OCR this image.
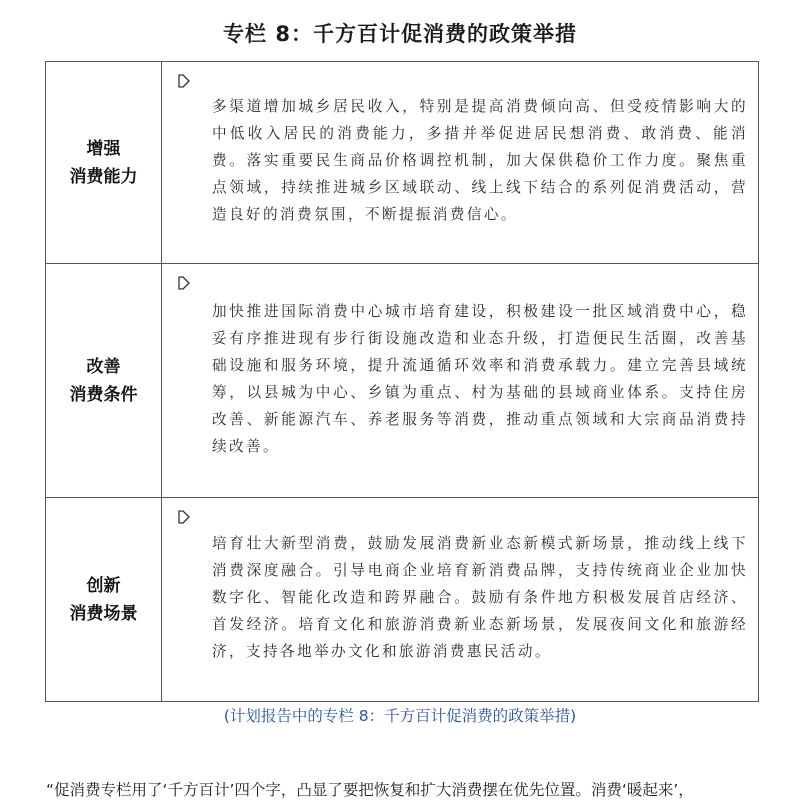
专栏 8：千方百计促消费的政策举措
增强
消费能力	多渠道增加城乡居民收入，特别是提高消费倾向高、但受疫情影响大的中低收入居民的消费能力，多措并举促进居民想消费、敢消费、能消费。落实重要民生商品价格调控机制，加大保供稳价工作力度。聚焦重点领域，持续推进城乡区域联动、线上线下结合的系列促消费活动，营造良好的消费氛围，不断提振消费信心。

改善
消费条件	加快推进国际消费中心城市培育建设，积极建设一批区域消费中心，稳妥有序推进现有步行街设施改造和业态升级，打造便民生活圈，改善基础设施和服务环境，提升流通循环效率和消费承载力。建立完善县域统筹，以县城为中心、乡镇为重点、村为基础的县域商业体系。支持住房改善、新能源汽车、养老服务等消费，推动重点领域和大宗商品消费持续改善。

创新
消费场景	培育壮大新型消费，鼓励发展消费新业态新模式新场景，推动线上线下消费深度融合。引导电商企业培育新消费品牌，支持传统商业企业加快数字化、智能化改造和跨界融合。鼓励有条件地方积极发展首店经济、首发经济。培育文化和旅游消费新业态新场景，发展夜间文化和旅游经济，支持各地举办文化和旅游消费惠民活动。
(计划报告中的专栏 8：千方百计促消费的政策举措)
“促消费专栏用了‘千方百计’四个字，凸显了要把恢复和扩大消费摆在优先位置。消费‘暖起来’，
